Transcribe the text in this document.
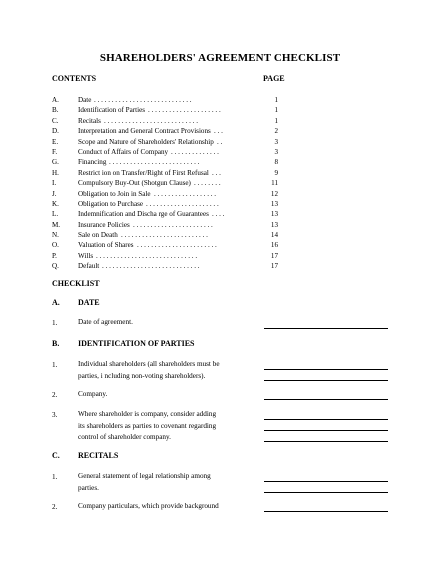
SHAREHOLDERS' AGREEMENT CHECKLIST
CONTENTS	PAGE
A.	Date . . . . . . . . . . . . . . . . . . . . . . . . . . . .	1
B.	Identification of Parties . . . . . . . . . . . . . . . . . . . . .	1
C.	Recitals . . . . . . . . . . . . . . . . . . . . . . . . . . .	1
D.	Interpretation and General Contract Provisions . . .	2
E.	Scope and Nature of Shareholders' Relationship . .	3
F.	Conduct of Affairs of Company . . . . . . . . . . . . . .	3
G.	Financing . . . . . . . . . . . . . . . . . . . . . . . . . .	8
H.	Restrict ion on Transfer/Right of First Refusal . . .	9
I.	Compulsory Buy-Out (Shotgun Clause) . . . . . . . .	11
J.	Obligation to Join in Sale . . . . . . . . . . . . . . . . . .	12
K.	Obligation to Purchase . . . . . . . . . . . . . . . . . . . . .	13
L.	Indemnification and Discha rge of Guarantees . . . .	13
M.	Insurance Policies . . . . . . . . . . . . . . . . . . . . . . .	13
N.	Sale on Death . . . . . . . . . . . . . . . . . . . . . . . . .	14
O.	Valuation of Shares . . . . . . . . . . . . . . . . . . . . . . .	16
P.	Wills . . . . . . . . . . . . . . . . . . . . . . . . . . . . .	17
Q.	Default . . . . . . . . . . . . . . . . . . . . . . . . . . . .	17
CHECKLIST
A. DATE
1.	Date of agreement.
B. IDENTIFICATION OF PARTIES
1.	Individual shareholders (all shareholders must be
parties, i ncluding non-voting shareholders).
2.	Company.
3.	Where shareholder is company, consider adding
its shareholders as parties to covenant regarding
control of shareholder company.
C. RECITALS
1.	General statement of legal relationship among
parties.
2.	Company particulars, which provide background
